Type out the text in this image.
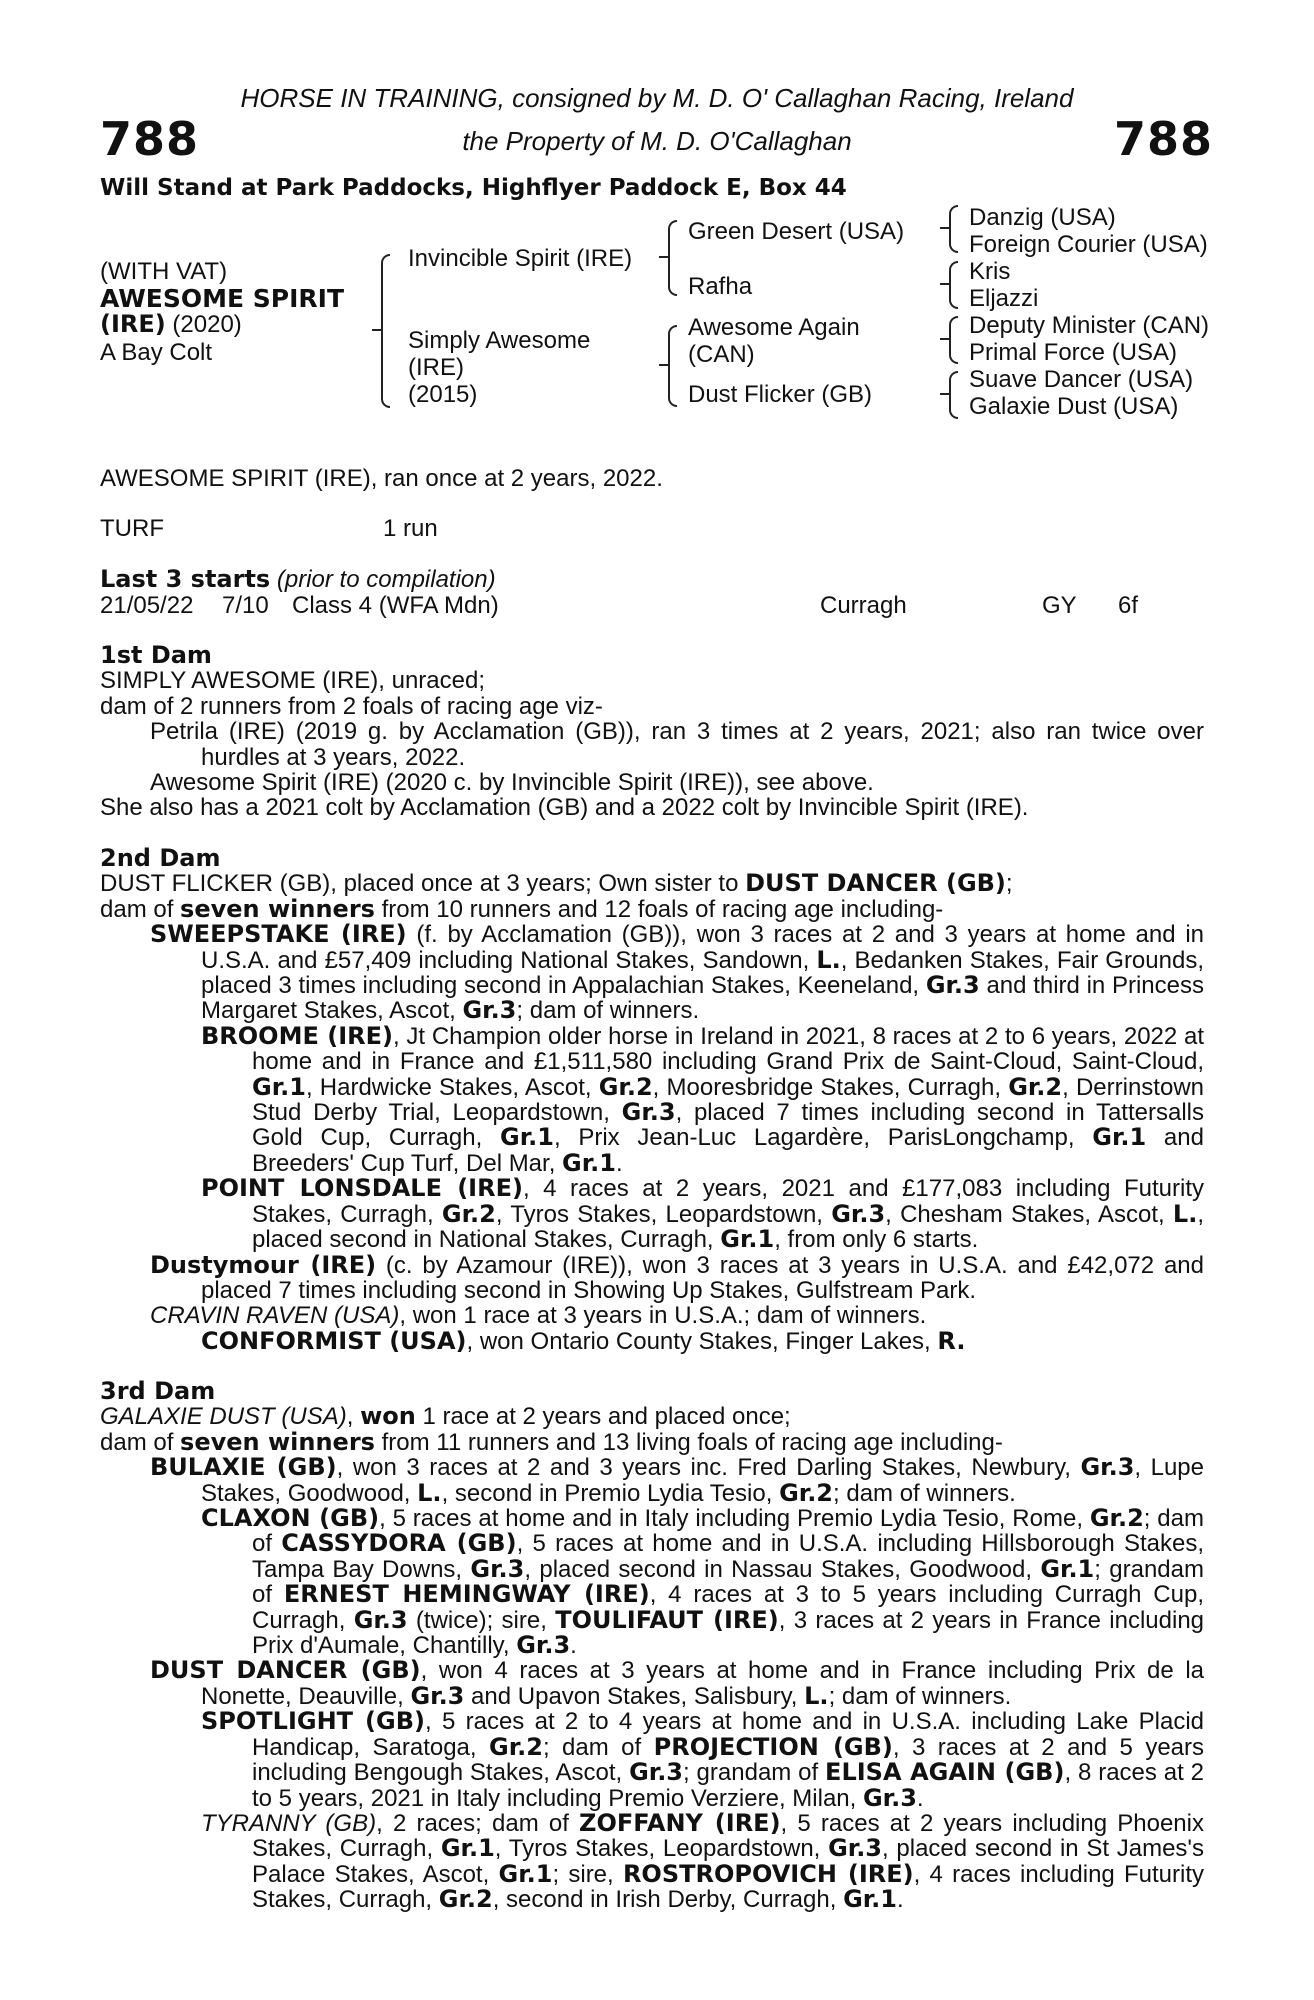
HORSE IN TRAINING, consigned by M. D. O' Callaghan Racing, Ireland
the Property of M. D. O'Callaghan
788	788
Will Stand at Park Paddocks, Highflyer Paddock E, Box 44
(WITH VAT)
AWESOME SPIRIT
(IRE) (2020)
A Bay Colt
Invincible Spirit (IRE)
Simply Awesome
(IRE)
(2015)
Green Desert (USA)
Rafha
Awesome Again
(CAN)
Dust Flicker (GB)
Danzig (USA)
Foreign Courier (USA)
Kris
Eljazzi
Deputy Minister (CAN)
Primal Force (USA)
Suave Dancer (USA)
Galaxie Dust (USA)
AWESOME SPIRIT (IRE), ran once at 2 years, 2022.
TURF	1 run
Last 3 starts (prior to compilation)
21/05/22 7/10 Class 4 (WFA Mdn)	Curragh	GY 6f

1st Dam

SIMPLY AWESOME (IRE), unraced;

dam of 2 runners from 2 foals of racing age viz-

Petrila (IRE) (2019 g. by Acclamation (GB)), ran 3 times at 2 years, 2021; also ran twice over hurdles at 3 years, 2022.

Awesome Spirit (IRE) (2020 c. by Invincible Spirit (IRE)), see above.

She also has a 2021 colt by Acclamation (GB) and a 2022 colt by Invincible Spirit (IRE).

2nd Dam

DUST FLICKER (GB), placed once at 3 years; Own sister to DUST DANCER (GB);

dam of seven winners from 10 runners and 12 foals of racing age including-

SWEEPSTAKE (IRE) (f. by Acclamation (GB)), won 3 races at 2 and 3 years at home and in U.S.A. and £57,409 including National Stakes, Sandown, L., Bedanken Stakes, Fair Grounds, placed 3 times including second in Appalachian Stakes, Keeneland, Gr.3 and third in Princess Margaret Stakes, Ascot, Gr.3; dam of winners.

BROOME (IRE), Jt Champion older horse in Ireland in 2021, 8 races at 2 to 6 years, 2022 at home and in France and £1,511,580 including Grand Prix de Saint-Cloud, Saint-Cloud, Gr.1, Hardwicke Stakes, Ascot, Gr.2, Mooresbridge Stakes, Curragh, Gr.2, Derrinstown Stud Derby Trial, Leopardstown, Gr.3, placed 7 times including second in Tattersalls Gold Cup, Curragh, Gr.1, Prix Jean-Luc Lagardère, ParisLongchamp, Gr.1 and Breeders' Cup Turf, Del Mar, Gr.1.

POINT LONSDALE (IRE), 4 races at 2 years, 2021 and £177,083 including Futurity Stakes, Curragh, Gr.2, Tyros Stakes, Leopardstown, Gr.3, Chesham Stakes, Ascot, L., placed second in National Stakes, Curragh, Gr.1, from only 6 starts.

Dustymour (IRE) (c. by Azamour (IRE)), won 3 races at 3 years in U.S.A. and £42,072 and placed 7 times including second in Showing Up Stakes, Gulfstream Park.

CRAVIN RAVEN (USA), won 1 race at 3 years in U.S.A.; dam of winners.

CONFORMIST (USA), won Ontario County Stakes, Finger Lakes, R.

3rd Dam

GALAXIE DUST (USA), won 1 race at 2 years and placed once;

dam of seven winners from 11 runners and 13 living foals of racing age including-

BULAXIE (GB), won 3 races at 2 and 3 years inc. Fred Darling Stakes, Newbury, Gr.3, Lupe Stakes, Goodwood, L., second in Premio Lydia Tesio, Gr.2; dam of winners.

CLAXON (GB), 5 races at home and in Italy including Premio Lydia Tesio, Rome, Gr.2; dam of CASSYDORA (GB), 5 races at home and in U.S.A. including Hillsborough Stakes, Tampa Bay Downs, Gr.3, placed second in Nassau Stakes, Goodwood, Gr.1; grandam of ERNEST HEMINGWAY (IRE), 4 races at 3 to 5 years including Curragh Cup, Curragh, Gr.3 (twice); sire, TOULIFAUT (IRE), 3 races at 2 years in France including Prix d'Aumale, Chantilly, Gr.3.

DUST DANCER (GB), won 4 races at 3 years at home and in France including Prix de la Nonette, Deauville, Gr.3 and Upavon Stakes, Salisbury, L.; dam of winners.

SPOTLIGHT (GB), 5 races at 2 to 4 years at home and in U.S.A. including Lake Placid Handicap, Saratoga, Gr.2; dam of PROJECTION (GB), 3 races at 2 and 5 years including Bengough Stakes, Ascot, Gr.3; grandam of ELISA AGAIN (GB), 8 races at 2 to 5 years, 2021 in Italy including Premio Verziere, Milan, Gr.3.

TYRANNY (GB), 2 races; dam of ZOFFANY (IRE), 5 races at 2 years including Phoenix Stakes, Curragh, Gr.1, Tyros Stakes, Leopardstown, Gr.3, placed second in St James's Palace Stakes, Ascot, Gr.1; sire, ROSTROPOVICH (IRE), 4 races including Futurity Stakes, Curragh, Gr.2, second in Irish Derby, Curragh, Gr.1.
